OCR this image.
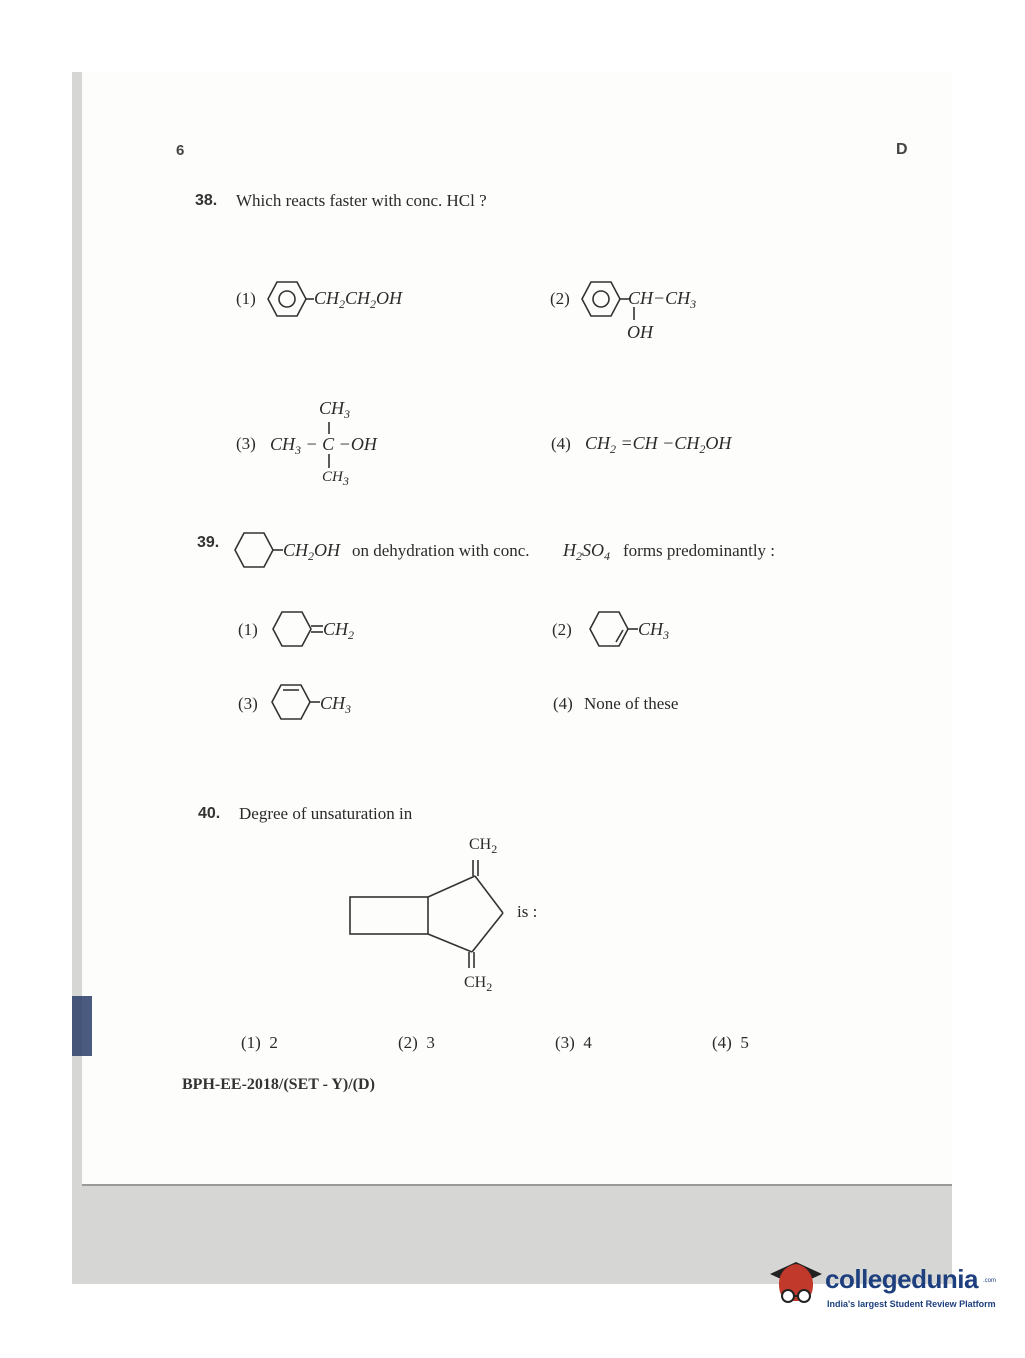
6	D
38. Which reacts faster with conc. HCl ?
(1)	$CH_2CH_2OH$	(2)	$CH-CH_3$
OH
(3)
$CH_3$
$CH_3 - C -OH$
$CH_3$
(4) $CH_2 =CH -CH_2OH$
39.	$CH_2OH$ on dehydration with conc. $H_2SO_4$ forms predominantly :
(1)	$CH_2$	(2)	$CH_3$
(3)	$CH_3$	(4) None of these
40. Degree of unsaturation in
$CH_2$
$CH_2$
is :
(1) 2	(2) 3	(3) 4	(4) 5
BPH-EE-2018/(SET - Y)/(D)
collegedunia .com
India's largest Student Review Platform
